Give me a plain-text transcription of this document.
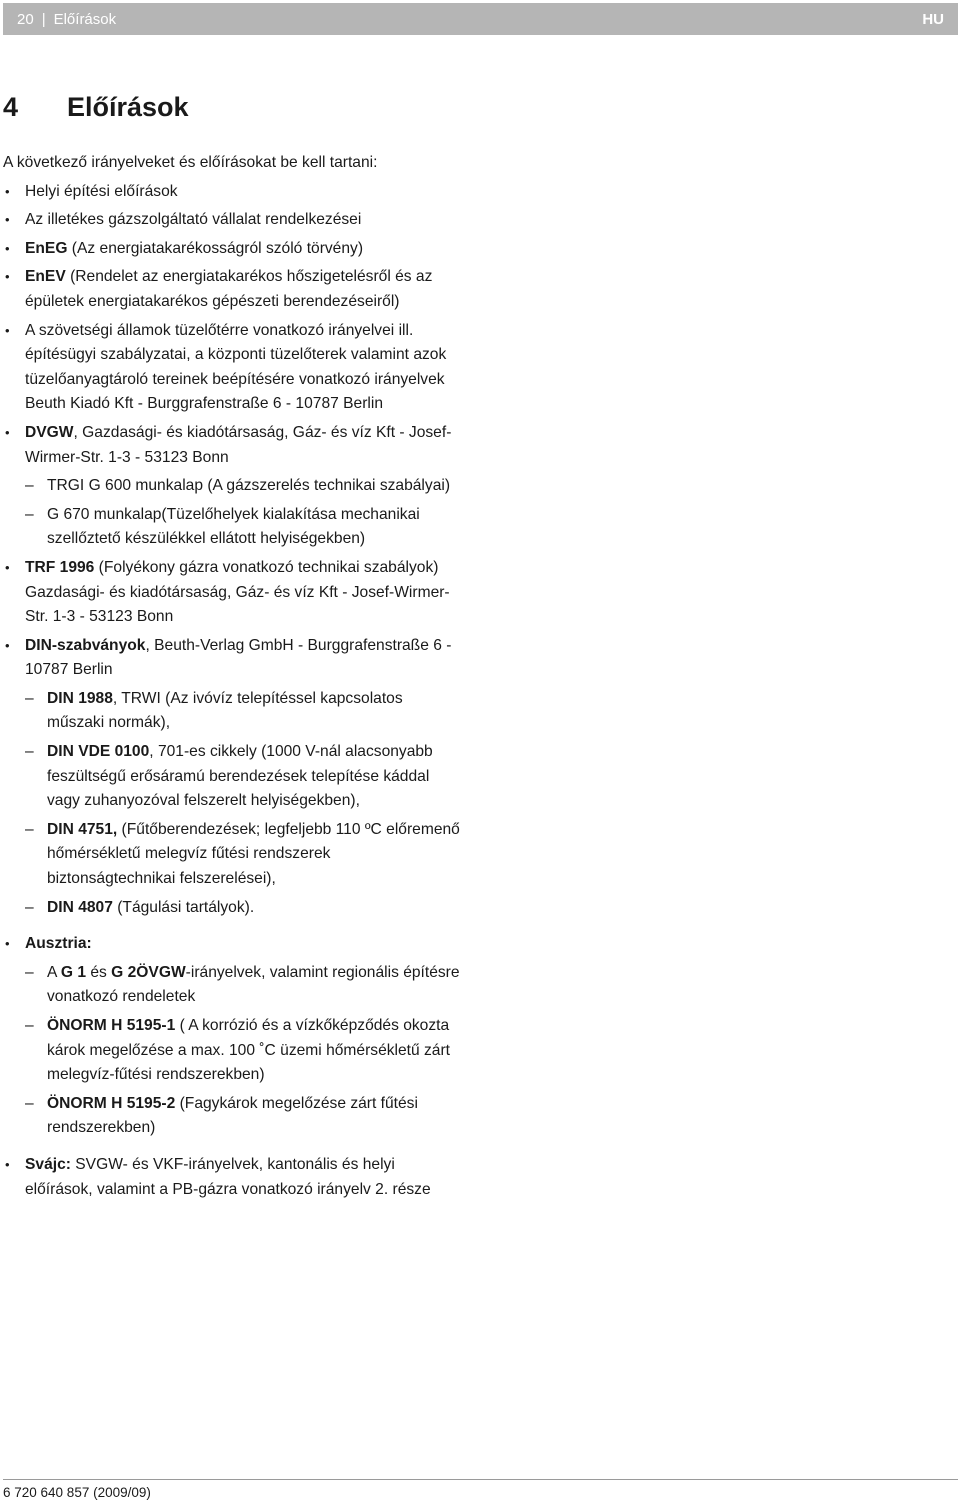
20 | Előírások	HU
4 Előírások

A következő irányelveket és előírásokat be kell tartani:

• Helyi építési előírások
• Az illetékes gázszolgáltató vállalat rendelkezései
• EnEG (Az energiatakarékosságról szóló törvény)
• EnEV (Rendelet az energiatakarékos hőszigetelésről és az épületek energiatakarékos gépészeti berendezéseiről)
• A szövetségi államok tüzelőtérre vonatkozó irányelvei ill. építésügyi szabályzatai, a központi tüzelőterek valamint azok tüzelőanyagtároló tereinek beépítésére vonatkozó irányelvek Beuth Kiadó Kft - Burggrafenstraße 6 - 10787 Berlin
• DVGW, Gazdasági- és kiadótársaság, Gáz- és víz Kft - Josef-Wirmer-Str. 1-3 - 53123 Bonn
– TRGI G 600 munkalap (A gázszerelés technikai szabályai)
– G 670 munkalap(Tüzelőhelyek kialakítása mechanikai szellőztető készülékkel ellátott helyiségekben)
• TRF 1996 (Folyékony gázra vonatkozó technikai szabályok) Gazdasági- és kiadótársaság, Gáz- és víz Kft - Josef-Wirmer-Str. 1-3 - 53123 Bonn
• DIN-szabványok, Beuth-Verlag GmbH - Burggrafenstraße 6 - 10787 Berlin
– DIN 1988, TRWI (Az ivóvíz telepítéssel kapcsolatos műszaki normák),
– DIN VDE 0100, 701-es cikkely (1000 V-nál alacsonyabb feszültségű erősáramú berendezések telepítése káddal vagy zuhanyozóval felszerelt helyiségekben),
– DIN 4751, (Fűtőberendezések; legfeljebb 110 ºC előremenő hőmérsékletű melegvíz fűtési rendszerek biztonságtechnikai felszerelései),
– DIN 4807 (Tágulási tartályok).
• Ausztria:
– A G 1 és G 2ÖVGW-irányelvek, valamint regionális építésre vonatkozó rendeletek
– ÖNORM H 5195-1 ( A korrózió és a vízkőképződés okozta károk megelőzése a max. 100 ˚C üzemi hőmérsékletű zárt melegvíz-fűtési rendszerekben)
– ÖNORM H 5195-2 (Fagykárok megelőzése zárt fűtési rendszerekben)
• Svájc: SVGW- és VKF-irányelvek, kantonális és helyi előírások, valamint a PB-gázra vonatkozó irányelv 2. része
6 720 640 857 (2009/09)
